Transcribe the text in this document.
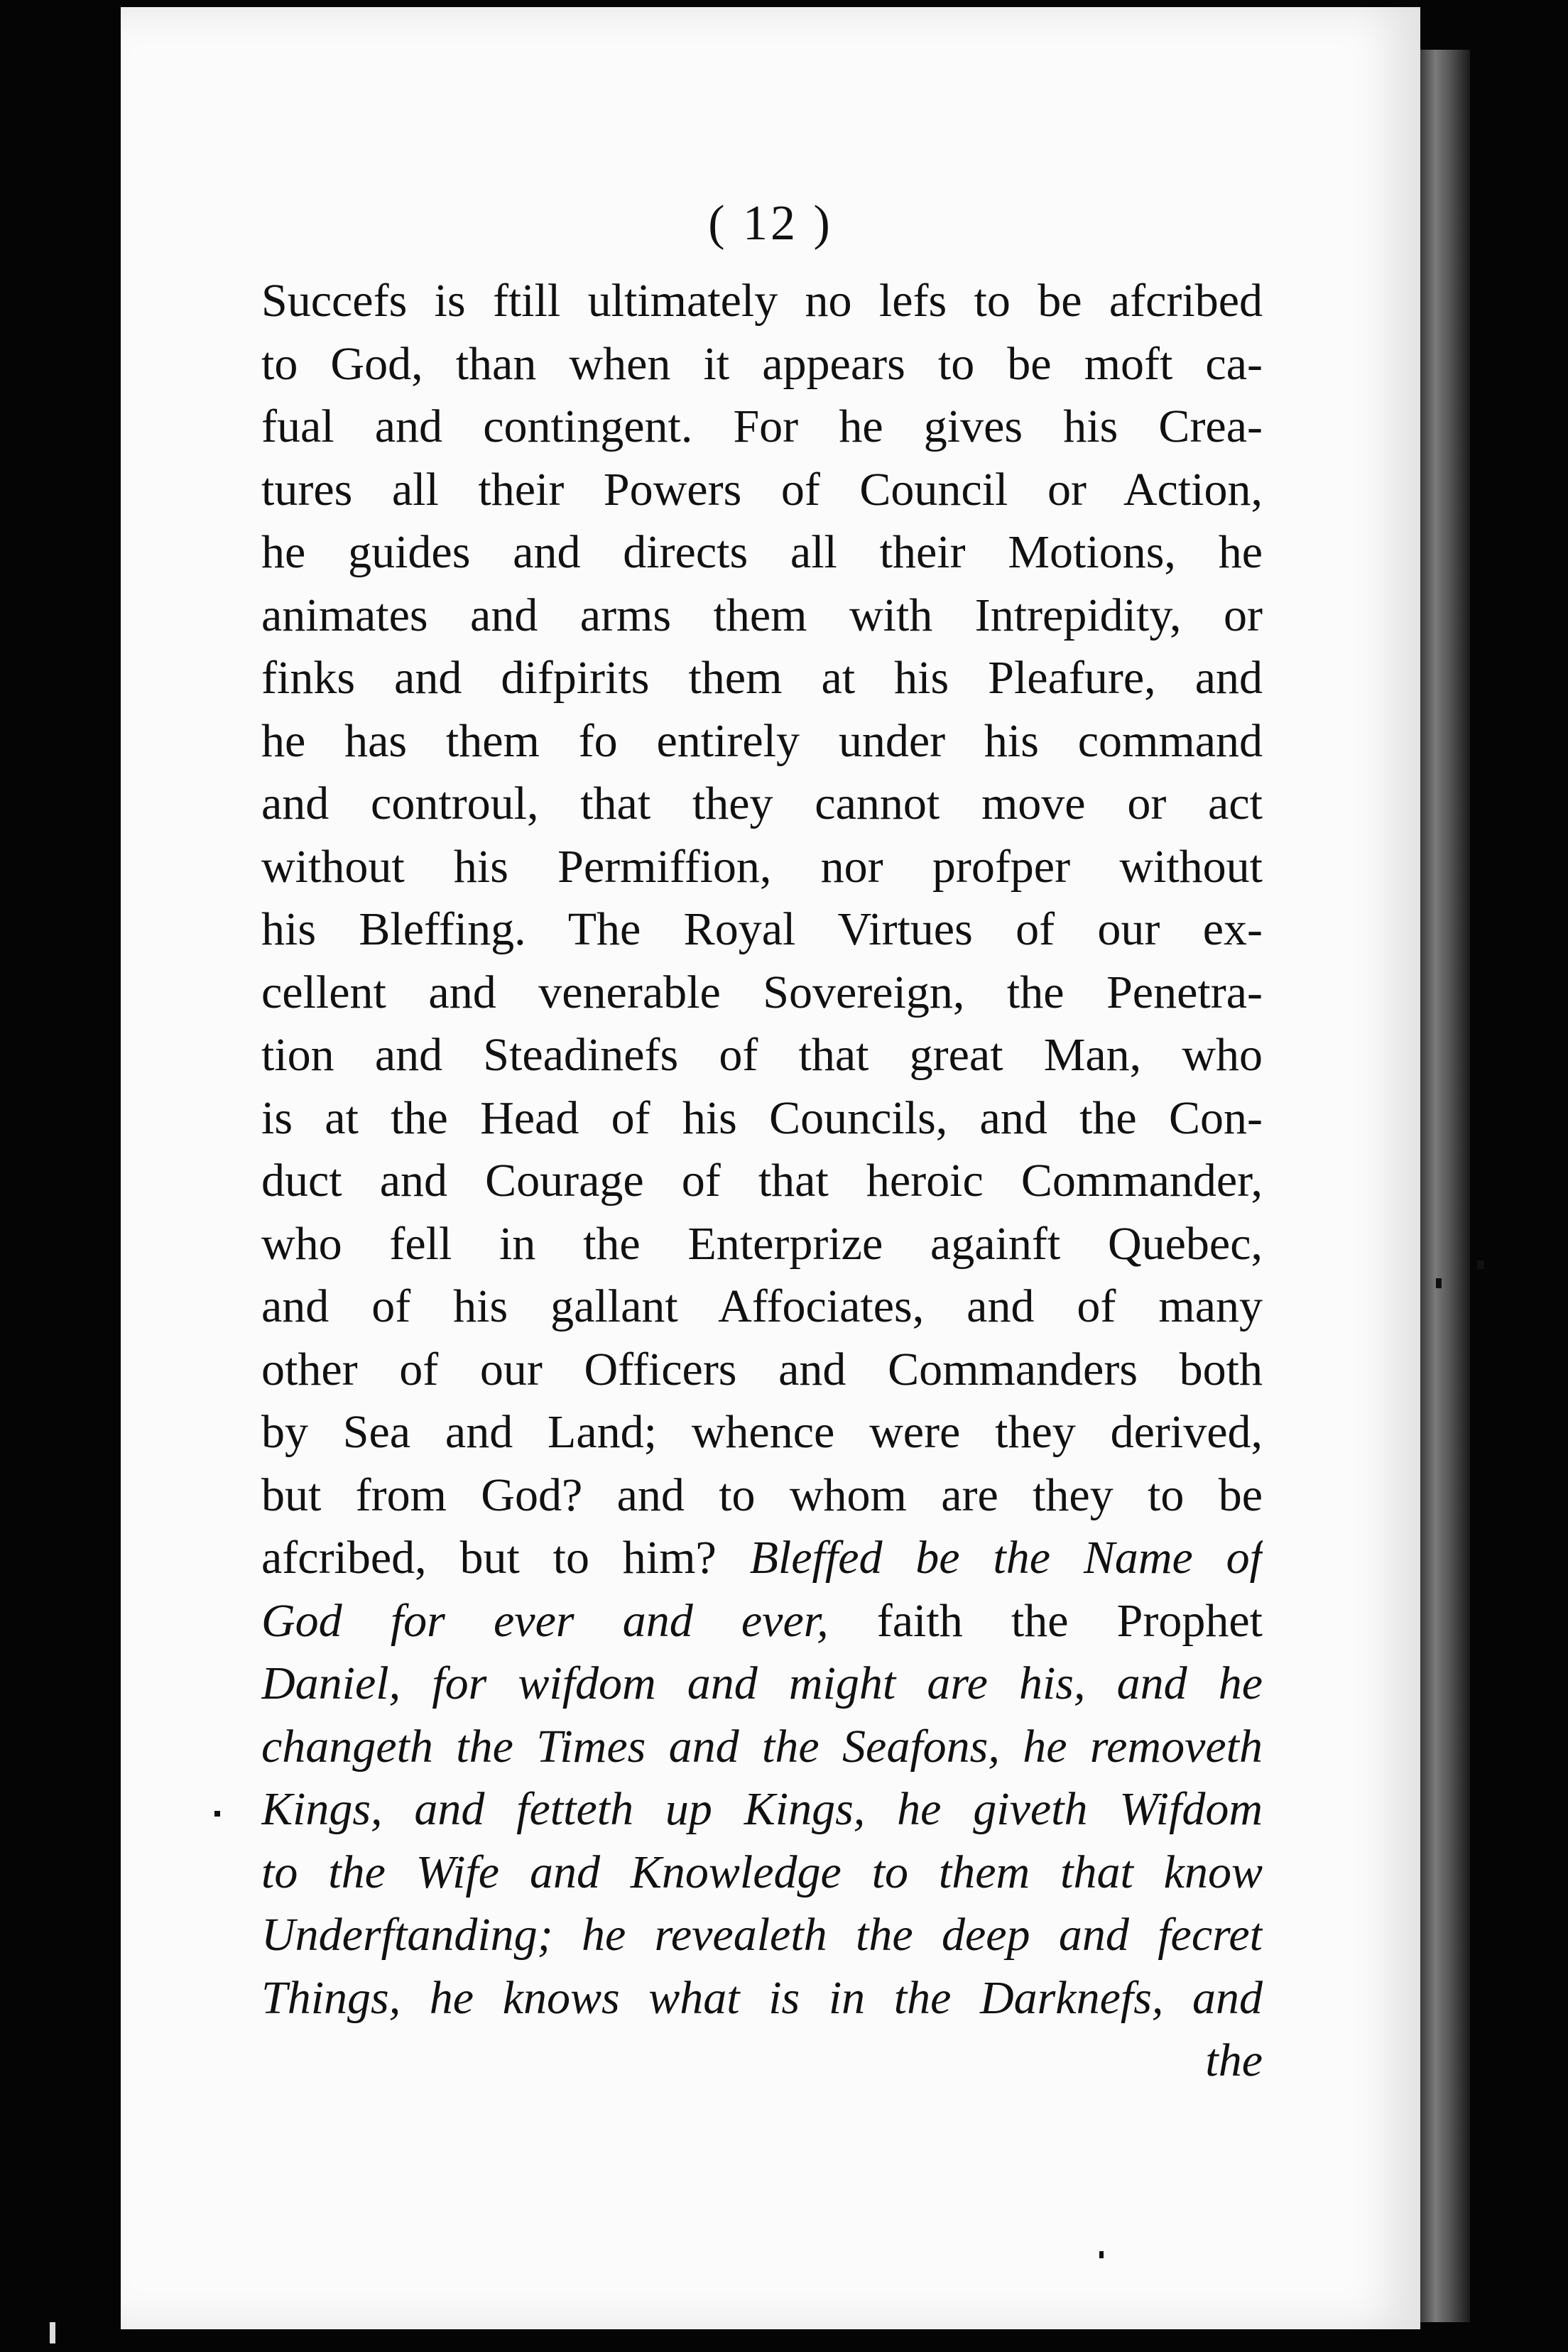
( 12 )
Succefs is ftill ultimately no lefs to be afcribed
to God, than when it appears to be moft ca-
fual and contingent. For he gives his Crea-
tures all their Powers of Council or Action,
he guides and directs all their Motions, he
animates and arms them with Intrepidity, or
finks and difpirits them at his Pleafure, and
he has them fo entirely under his command
and controul, that they cannot move or act
without his Permiffion, nor profper without
his Bleffing. The Royal Virtues of our ex-
cellent and venerable Sovereign, the Penetra-
tion and Steadinefs of that great Man, who
is at the Head of his Councils, and the Con-
duct and Courage of that heroic Commander,
who fell in the Enterprize againft Quebec,
and of his gallant Affociates, and of many
other of our Officers and Commanders both
by Sea and Land; whence were they derived,
but from God? and to whom are they to be
afcribed, but to him? Bleffed be the Name of
God for ever and ever, faith the Prophet
Daniel, for wifdom and might are his, and he
changeth the Times and the Seafons, he removeth
Kings, and fetteth up Kings, he giveth Wifdom
to the Wife and Knowledge to them that know
Underftanding; he revealeth the deep and fecret
Things, he knows what is in the Darknefs, and
the
